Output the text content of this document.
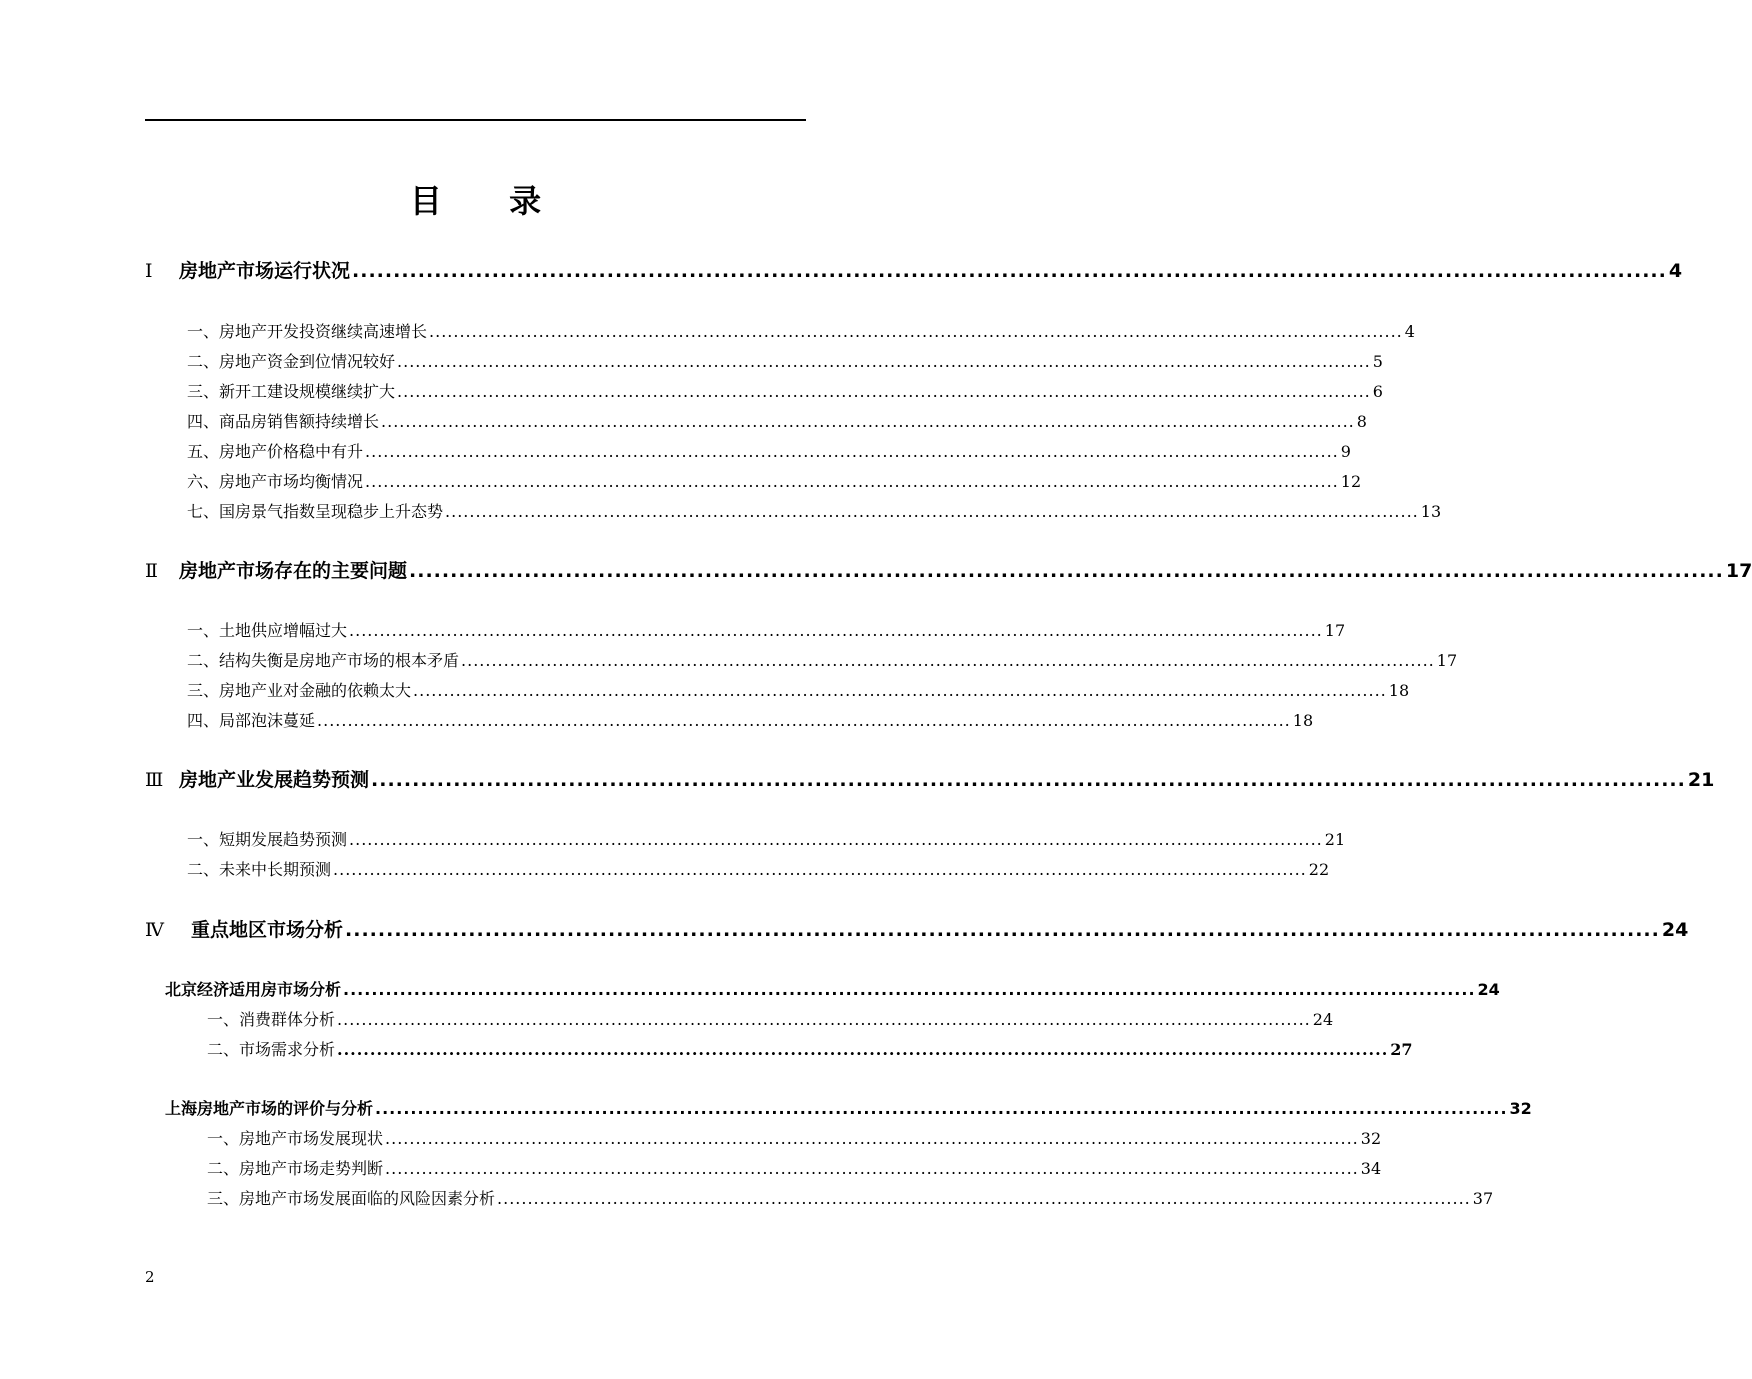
目 录
Ⅰ 房地产市场运行状况 ................................................................................................................................................................ 4
一、房地产开发投资继续高速增长 ................................................................................................................................................................ 4
二、房地产资金到位情况较好 ................................................................................................................................................................ 5
三、新开工建设规模继续扩大 ................................................................................................................................................................ 6
四、商品房销售额持续增长 ................................................................................................................................................................ 8
五、房地产价格稳中有升 ................................................................................................................................................................ 9
六、房地产市场均衡情况 ................................................................................................................................................................ 12
七、国房景气指数呈现稳步上升态势 ................................................................................................................................................................ 13
Ⅱ 房地产市场存在的主要问题 ................................................................................................................................................................ 17
一、土地供应增幅过大 ................................................................................................................................................................ 17
二、结构失衡是房地产市场的根本矛盾 ................................................................................................................................................................ 17
三、房地产业对金融的依赖太大 ................................................................................................................................................................ 18
四、局部泡沫蔓延 ................................................................................................................................................................ 18
Ⅲ 房地产业发展趋势预测 ................................................................................................................................................................ 21
一、短期发展趋势预测 ................................................................................................................................................................ 21
二、未来中长期预测 ................................................................................................................................................................ 22
Ⅳ 重点地区市场分析 ................................................................................................................................................................ 24
北京经济适用房市场分析 ................................................................................................................................................................ 24
一、消费群体分析 ................................................................................................................................................................ 24
二、市场需求分析 ................................................................................................................................................................ 27
上海房地产市场的评价与分析 ................................................................................................................................................................ 32
一、房地产市场发展现状 ................................................................................................................................................................ 32
二、房地产市场走势判断 ................................................................................................................................................................ 34
三、房地产市场发展面临的风险因素分析 ................................................................................................................................................................ 37
2
